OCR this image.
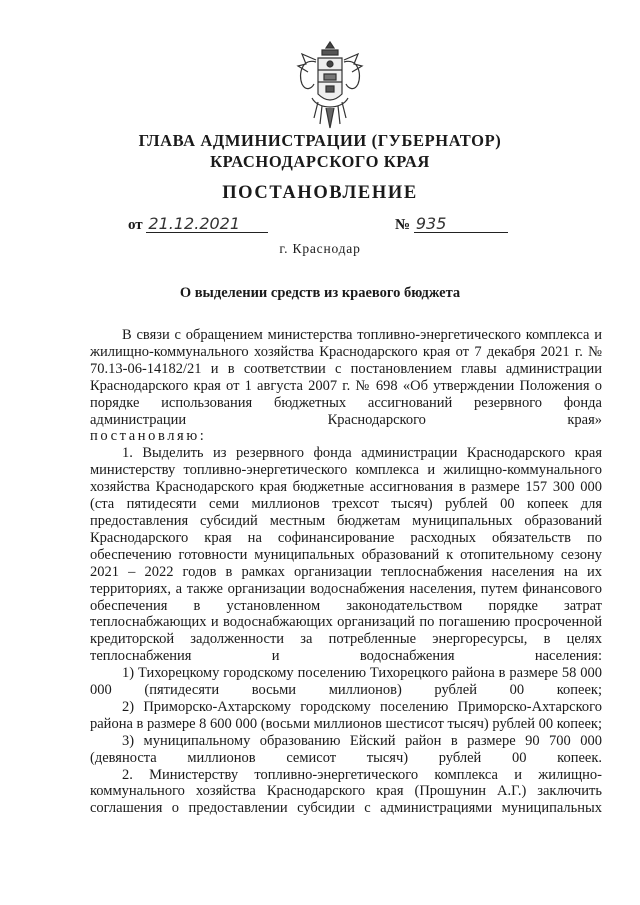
ГЛАВА АДМИНИСТРАЦИИ (ГУБЕРНАТОР)
КРАСНОДАРСКОГО КРАЯ
ПОСТАНОВЛЕНИЕ
от 21.12.2021	№ 935
г. Краснодар
О выделении средств из краевого бюджета

В связи с обращением министерства топливно-энергетического комплекса и жилищно-коммунального хозяйства Краснодарского края от 7 декабря 2021 г. № 70.13-06-14182/21 и в соответствии с постановлением главы администрации Краснодарского края от 1 августа 2007 г. № 698 «Об утверждении Положения о порядке использования бюджетных ассигнований резервного фонда администрации Краснодарского края»

постановляю:

1. Выделить из резервного фонда администрации Краснодарского края министерству топливно-энергетического комплекса и жилищно-коммунального хозяйства Краснодарского края бюджетные ассигнования в размере 157 300 000 (ста пятидесяти семи миллионов трехсот тысяч) рублей 00 копеек для предоставления субсидий местным бюджетам муниципальных образований Краснодарского края на софинансирование расходных обязательств по обеспечению готовности муниципальных образований к отопительному сезону 2021 – 2022 годов в рамках организации теплоснабжения населения на их территориях, а также организации водоснабжения населения, путем финансового обеспечения в установленном законодательством порядке затрат теплоснабжающих и водоснабжающих организаций по погашению просроченной кредиторской задолженности за потребленные энергоресурсы, в целях теплоснабжения и водоснабжения населения:

1) Тихорецкому городскому поселению Тихорецкого района в размере 58 000 000 (пятидесяти восьми миллионов) рублей 00 копеек;

2) Приморско-Ахтарскому городскому поселению Приморско-Ахтарского района в размере 8 600 000 (восьми миллионов шестисот тысяч) рублей 00 копеек;

3) муниципальному образованию Ейский район в размере 90 700 000 (девяноста миллионов семисот тысяч) рублей 00 копеек.

2. Министерству топливно-энергетического комплекса и жилищно-коммунального хозяйства Краснодарского края (Прошунин А.Г.) заключить соглашения о предоставлении субсидии с администрациями муниципальных
